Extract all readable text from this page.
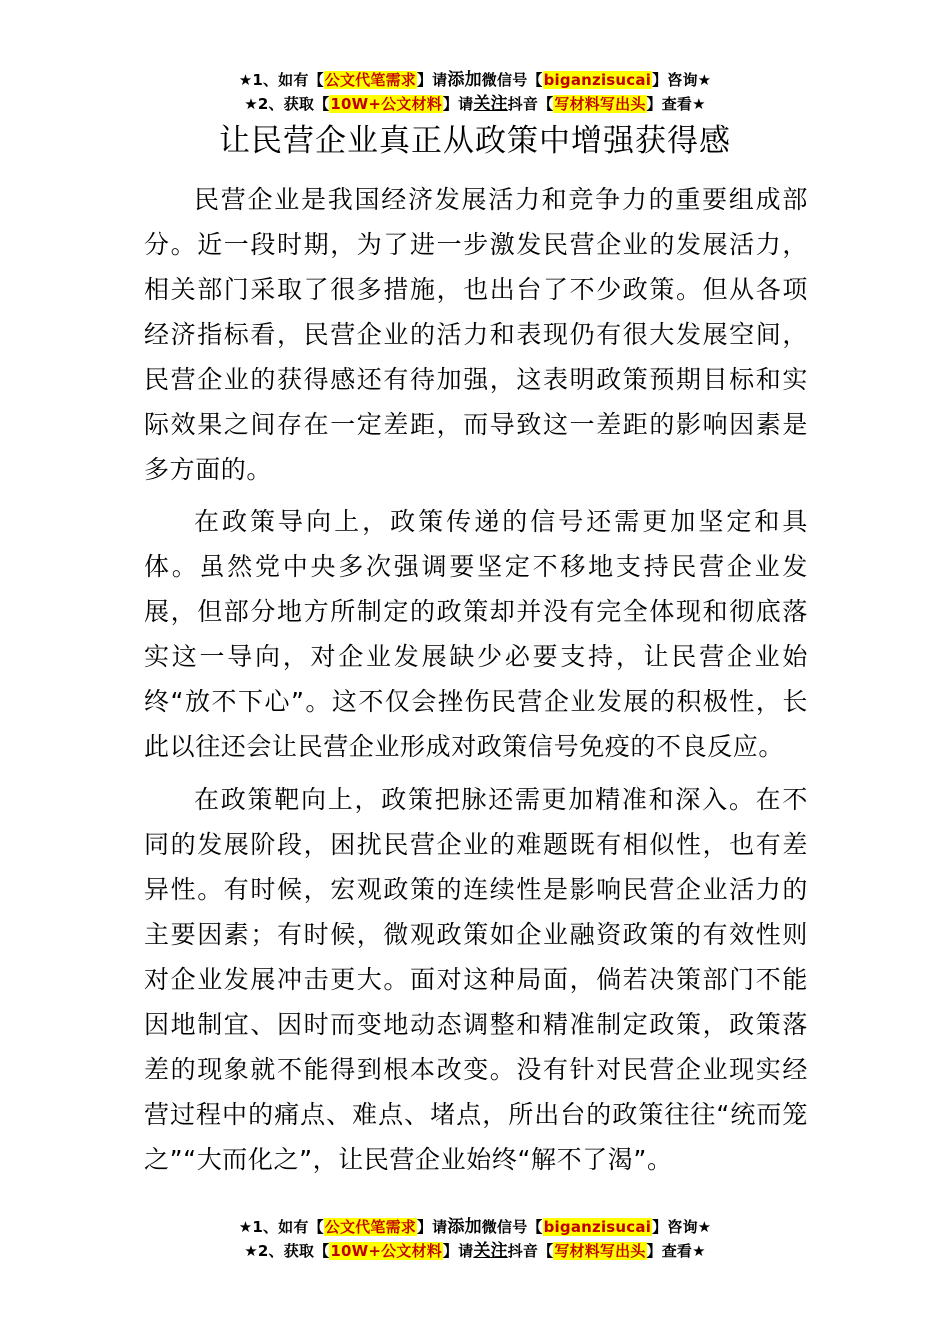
★1、如有【公文代笔需求】请添加微信号【biganzisucai】咨询★
★2、获取【10W+公文材料】请关注抖音【写材料写出头】查看★
让民营企业真正从政策中增强获得感

民营企业是我国经济发展活力和竞争力的重要组成部分。近一段时期，为了进一步激发民营企业的发展活力，相关部门采取了很多措施，也出台了不少政策。但从各项经济指标看，民营企业的活力和表现仍有很大发展空间，民营企业的获得感还有待加强，这表明政策预期目标和实际效果之间存在一定差距，而导致这一差距的影响因素是多方面的。

在政策导向上，政策传递的信号还需更加坚定和具体。虽然党中央多次强调要坚定不移地支持民营企业发展，但部分地方所制定的政策却并没有完全体现和彻底落实这一导向，对企业发展缺少必要支持，让民营企业始终“放不下心”。这不仅会挫伤民营企业发展的积极性，长此以往还会让民营企业形成对政策信号免疫的不良反应。

在政策靶向上，政策把脉还需更加精准和深入。在不同的发展阶段，困扰民营企业的难题既有相似性，也有差异性。有时候，宏观政策的连续性是影响民营企业活力的主要因素；有时候，微观政策如企业融资政策的有效性则对企业发展冲击更大。面对这种局面，倘若决策部门不能因地制宜、因时而变地动态调整和精准制定政策，政策落差的现象就不能得到根本改变。没有针对民营企业现实经营过程中的痛点、难点、堵点，所出台的政策往往“统而笼之”“大而化之”，让民营企业始终“解不了渴”。

★1、如有【公文代笔需求】请添加微信号【biganzisucai】咨询★
★2、获取【10W+公文材料】请关注抖音【写材料写出头】查看★
